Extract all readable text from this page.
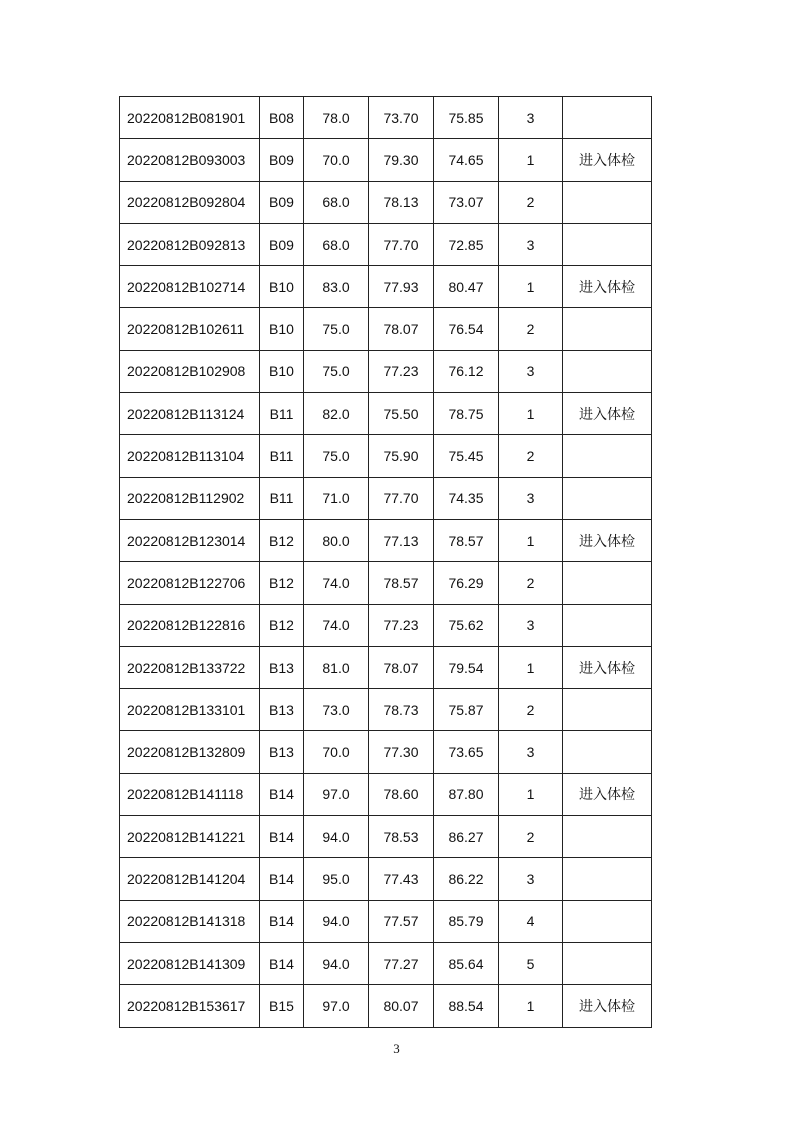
20220812B081901	B08	78.0	73.70	75.85	3	
20220812B093003	B09	70.0	79.30	74.65	1	进入体检
20220812B092804	B09	68.0	78.13	73.07	2	
20220812B092813	B09	68.0	77.70	72.85	3	
20220812B102714	B10	83.0	77.93	80.47	1	进入体检
20220812B102611	B10	75.0	78.07	76.54	2	
20220812B102908	B10	75.0	77.23	76.12	3	
20220812B113124	B11	82.0	75.50	78.75	1	进入体检
20220812B113104	B11	75.0	75.90	75.45	2	
20220812B112902	B11	71.0	77.70	74.35	3	
20220812B123014	B12	80.0	77.13	78.57	1	进入体检
20220812B122706	B12	74.0	78.57	76.29	2	
20220812B122816	B12	74.0	77.23	75.62	3	
20220812B133722	B13	81.0	78.07	79.54	1	进入体检
20220812B133101	B13	73.0	78.73	75.87	2	
20220812B132809	B13	70.0	77.30	73.65	3	
20220812B141118	B14	97.0	78.60	87.80	1	进入体检
20220812B141221	B14	94.0	78.53	86.27	2	
20220812B141204	B14	95.0	77.43	86.22	3	
20220812B141318	B14	94.0	77.57	85.79	4	
20220812B141309	B14	94.0	77.27	85.64	5	
20220812B153617	B15	97.0	80.07	88.54	1	进入体检
3
